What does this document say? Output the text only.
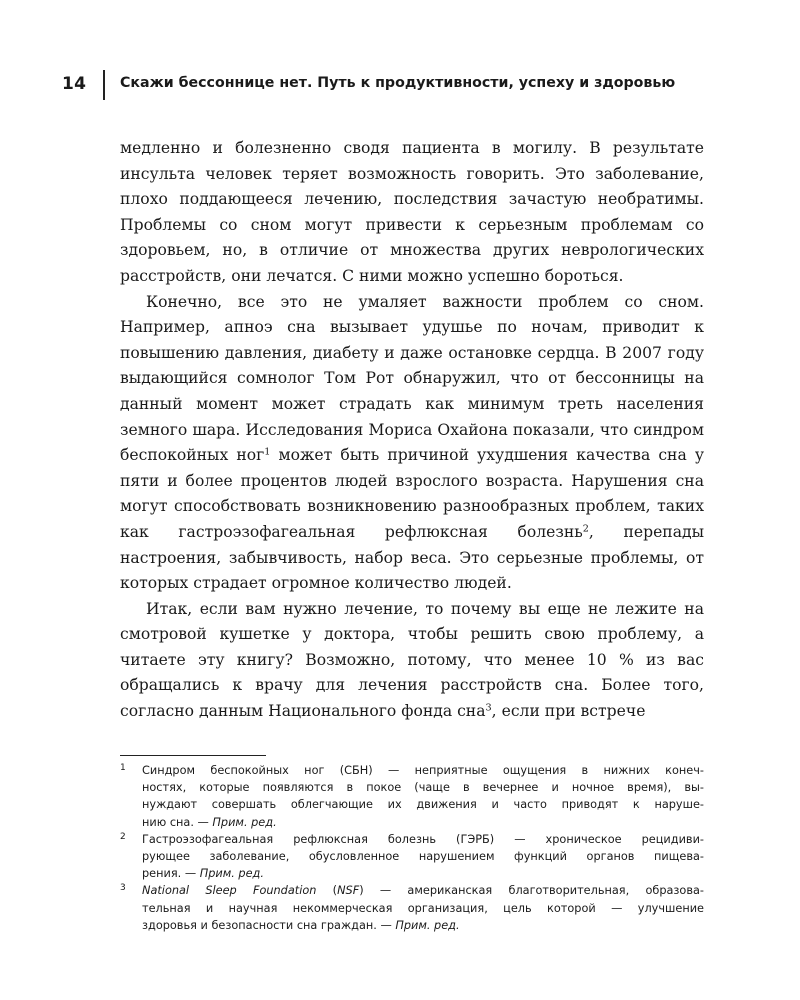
14 Скажи бессоннице нет. Путь к продуктивности, успеху и здоровью

медленно и болезненно сводя пациента в могилу. В результате инсульта человек теряет возможность говорить. Это заболевание, плохо поддающееся лечению, последствия зачастую необратимы. Проблемы со сном могут привести к серьезным проблемам со здоровьем, но, в отличие от множества других неврологических расстройств, они лечатся. С ними можно успешно бороться.

Конечно, все это не умаляет важности проблем со сном. Например, апноэ сна вызывает удушье по ночам, приводит к повышению давления, диабету и даже остановке сердца. В 2007 году выдающийся сомнолог Том Рот обнаружил, что от бессонницы на данный момент может страдать как минимум треть населения земного шара. Исследования Мориса Охайона показали, что синдром беспокойных ног$^1$ может быть причиной ухудшения качества сна у пяти и более процентов людей взрослого возраста. Нарушения сна могут способствовать возникновению разнообразных проблем, таких как гастроэзофагеальная рефлюксная болезнь$^2$, перепады настроения, забывчивость, набор веса. Это серьезные проблемы, от которых страдает огромное количество людей.

Итак, если вам нужно лечение, то почему вы еще не лежите на смотровой кушетке у доктора, чтобы решить свою проблему, а читаете эту книгу? Возможно, потому, что менее 10 % из вас обращались к врачу для лечения расстройств сна. Более того, согласно данным Национального фонда сна$^3$, если при встрече

1 Синдром беспокойных ног (СБН) — неприятные ощущения в нижних конеч-
ностях, которые появляются в покое (чаще в вечернее и ночное время), вы-
нуждают совершать облегчающие их движения и часто приводят к наруше-
нию сна. — Прим. ред.
2 Гастроэзофагеальная рефлюксная болезнь (ГЭРБ) — хроническое рецидиви-
рующее заболевание, обусловленное нарушением функций органов пищева-
рения. — Прим. ред.
3 National Sleep Foundation (NSF) — американская благотворительная, образова-
тельная и научная некоммерческая организация, цель которой — улучшение
здоровья и безопасности сна граждан. — Прим. ред.
